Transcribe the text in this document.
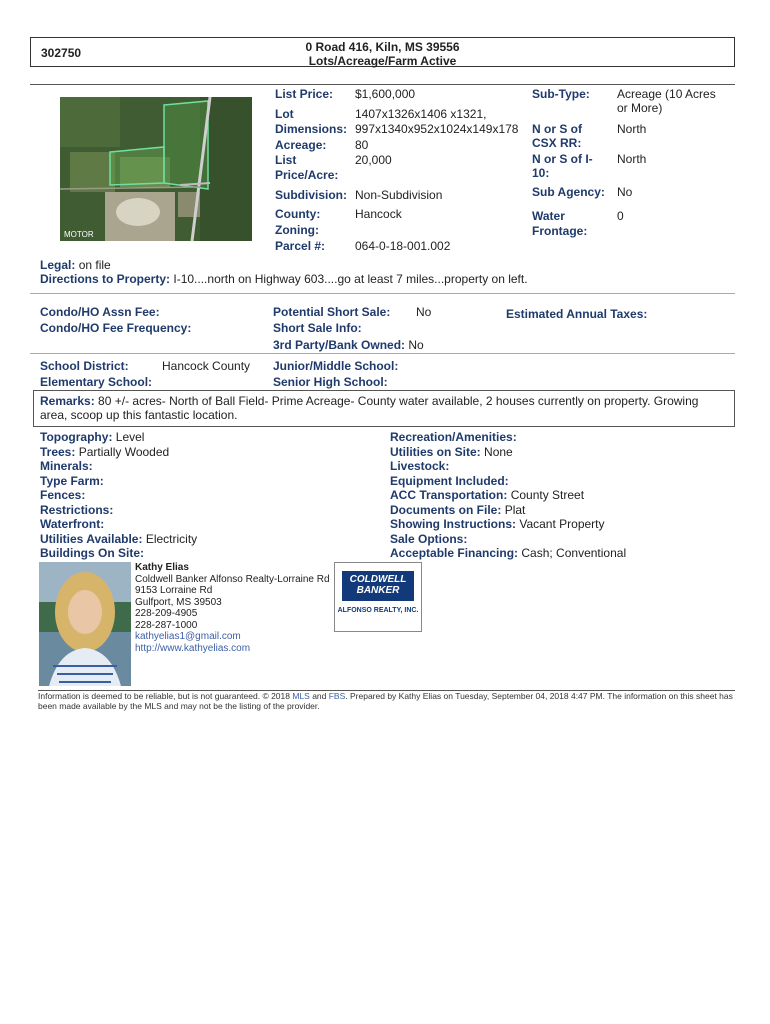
302750	0 Road 416, Kiln, MS 39556
Lots/Acreage/Farm Active
MOTOR
List Price: $1,600,000
Lot
Dimensions:
1407x1326x1406 x1321,
997x1340x952x1024x149x178
Acreage: 80
List
Price/Acre:
20,000
Subdivision: Non-Subdivision
County:	Hancock
Zoning:
Parcel #: 064-0-18-001.002
Sub-Type: Acreage (10 Acres
or More)
N or S of
CSX RR:
North
N or S of I-
10:
North
Sub Agency: No
Water
Frontage:
0
Legal: on file
Directions to Property: I-10....north on Highway 603....go at least 7 miles...property on left.
Condo/HO Assn Fee:
Condo/HO Fee Frequency:
Potential Short Sale: No
Short Sale Info:
3rd Party/Bank Owned: No
Estimated Annual Taxes:
School District:	Hancock County
Elementary School:
Junior/Middle School:
Senior High School:
Remarks: 80 +/- acres- North of Ball Field- Prime Acreage- County water available, 2 houses currently on property. Growing area, scoop up this fantastic location.
Topography: Level
Trees: Partially Wooded
Minerals:
Type Farm:
Fences:
Restrictions:
Waterfront:
Utilities Available: Electricity
Buildings On Site:
Recreation/Amenities:
Utilities on Site: None
Livestock:
Equipment Included:
ACC Transportation: County Street
Documents on File: Plat
Showing Instructions: Vacant Property
Sale Options:
Acceptable Financing: Cash; Conventional
Kathy Elias
Coldwell Banker Alfonso Realty-Lorraine Rd
9153 Lorraine Rd
Gulfport, MS 39503
228-209-4905
228-287-1000
kathyelias1@gmail.com
http://www.kathyelias.com
COLDWELL
BANKER
ALFONSO REALTY, INC.
Information is deemed to be reliable, but is not guaranteed. © 2018 MLS and FBS. Prepared by Kathy Elias on Tuesday, September 04, 2018 4:47 PM. The information on this sheet has been made available by the MLS and may not be the listing of the provider.
